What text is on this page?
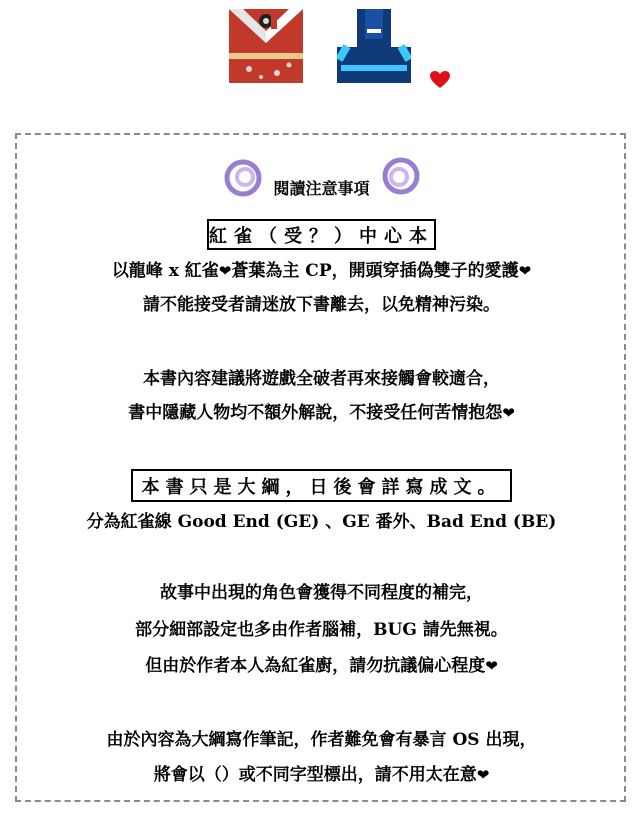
閱讀注意事項
紅雀（受？）中心本
以龍峰 x 紅雀❤蒼葉為主 CP，開頭穿插偽雙子的愛護❤
請不能接受者請迷放下書離去，以免精神污染。
本書內容建議將遊戲全破者再來接觸會較適合，
書中隱藏人物均不額外解說，不接受任何苦情抱怨❤
本書只是大綱，日後會詳寫成文。
分為紅雀線 Good End (GE) 、GE 番外、Bad End (BE)
故事中出現的角色會獲得不同程度的補完，
部分細部設定也多由作者腦補，BUG 請先無視。
但由於作者本人為紅雀廚，請勿抗議偏心程度❤
由於內容為大綱寫作筆記，作者難免會有暴言 OS 出現，
將會以（）或不同字型標出，請不用太在意❤
